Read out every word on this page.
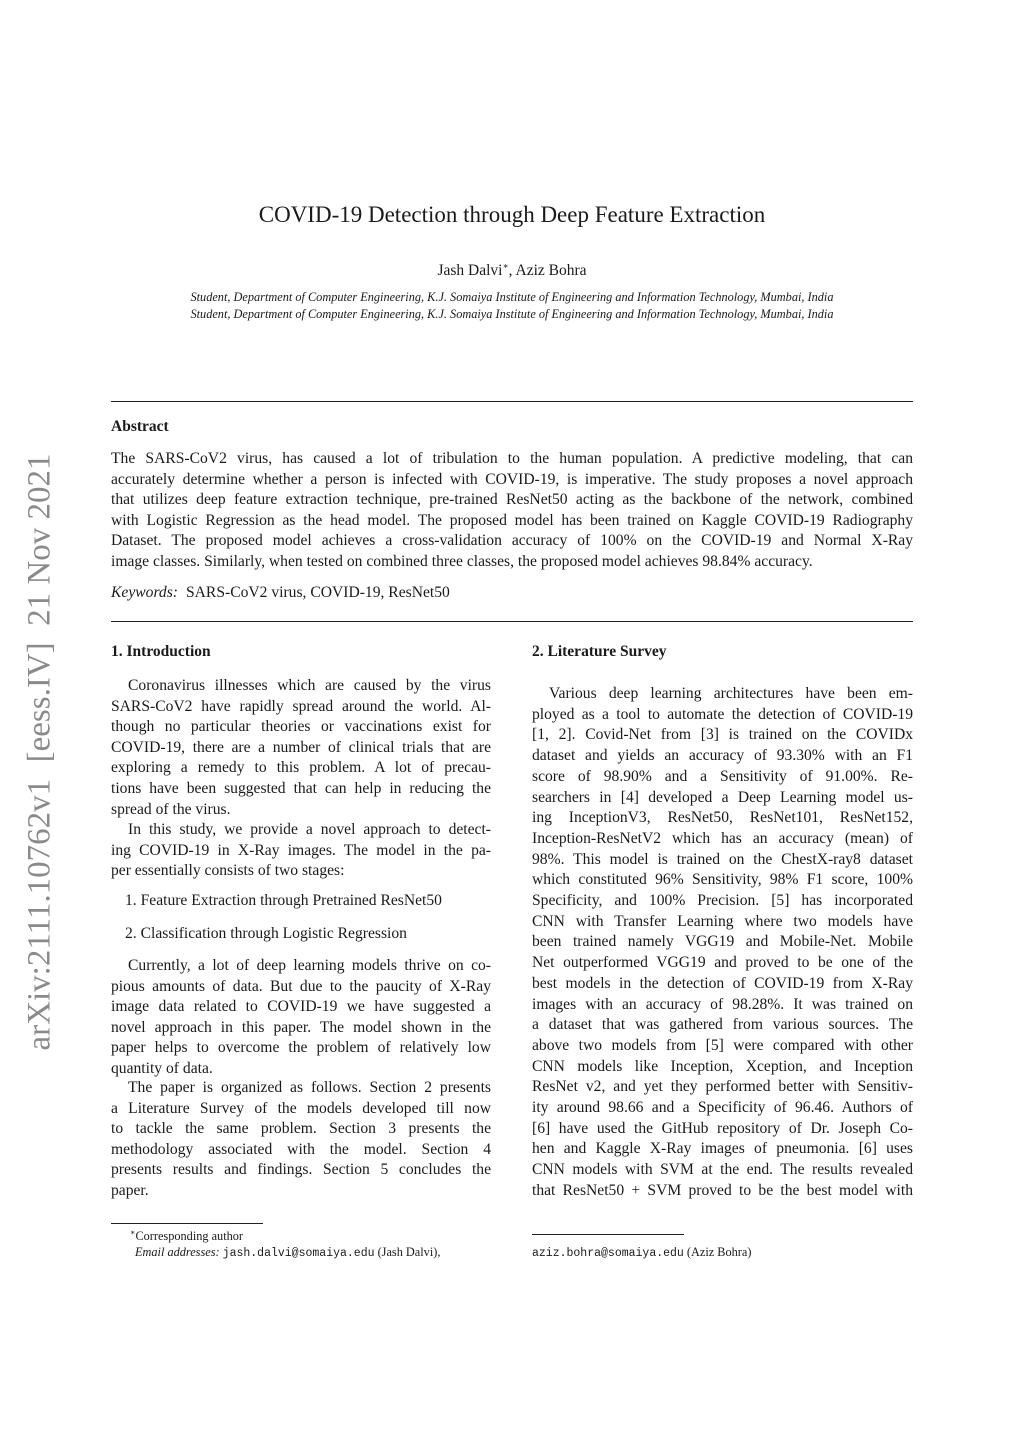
arXiv:2111.10762v1  [eess.IV]  21 Nov 2021
COVID-19 Detection through Deep Feature Extraction
Jash Dalvi∗, Aziz Bohra
Student, Department of Computer Engineering, K.J. Somaiya Institute of Engineering and Information Technology, Mumbai, India
Student, Department of Computer Engineering, K.J. Somaiya Institute of Engineering and Information Technology, Mumbai, India
Abstract
The SARS-CoV2 virus, has caused a lot of tribulation to the human population. A predictive modeling, that can
accurately determine whether a person is infected with COVID-19, is imperative. The study proposes a novel approach
that utilizes deep feature extraction technique, pre-trained ResNet50 acting as the backbone of the network, combined
with Logistic Regression as the head model. The proposed model has been trained on Kaggle COVID-19 Radiography
Dataset. The proposed model achieves a cross-validation accuracy of 100% on the COVID-19 and Normal X-Ray
image classes. Similarly, when tested on combined three classes, the proposed model achieves 98.84% accuracy.
Keywords: SARS-CoV2 virus, COVID-19, ResNet50
1. Introduction
Coronavirus illnesses which are caused by the virus
SARS-CoV2 have rapidly spread around the world. Al-
though no particular theories or vaccinations exist for
COVID-19, there are a number of clinical trials that are
exploring a remedy to this problem. A lot of precau-
tions have been suggested that can help in reducing the
spread of the virus.
In this study, we provide a novel approach to detect-
ing COVID-19 in X-Ray images. The model in the pa-
per essentially consists of two stages:
1. Feature Extraction through Pretrained ResNet50
2. Classification through Logistic Regression
Currently, a lot of deep learning models thrive on co-
pious amounts of data. But due to the paucity of X-Ray
image data related to COVID-19 we have suggested a
novel approach in this paper. The model shown in the
paper helps to overcome the problem of relatively low
quantity of data.
The paper is organized as follows. Section 2 presents
a Literature Survey of the models developed till now
to tackle the same problem. Section 3 presents the
methodology associated with the model. Section 4
presents results and findings. Section 5 concludes the
paper.
2. Literature Survey
Various deep learning architectures have been em-
ployed as a tool to automate the detection of COVID-19
[1, 2]. Covid-Net from [3] is trained on the COVIDx
dataset and yields an accuracy of 93.30% with an F1
score of 98.90% and a Sensitivity of 91.00%. Re-
searchers in [4] developed a Deep Learning model us-
ing InceptionV3, ResNet50, ResNet101, ResNet152,
Inception-ResNetV2 which has an accuracy (mean) of
98%. This model is trained on the ChestX-ray8 dataset
which constituted 96% Sensitivity, 98% F1 score, 100%
Specificity, and 100% Precision. [5] has incorporated
CNN with Transfer Learning where two models have
been trained namely VGG19 and Mobile-Net. Mobile
Net outperformed VGG19 and proved to be one of the
best models in the detection of COVID-19 from X-Ray
images with an accuracy of 98.28%. It was trained on
a dataset that was gathered from various sources. The
above two models from [5] were compared with other
CNN models like Inception, Xception, and Inception
ResNet v2, and yet they performed better with Sensitiv-
ity around 98.66 and a Specificity of 96.46. Authors of
[6] have used the GitHub repository of Dr. Joseph Co-
hen and Kaggle X-Ray images of pneumonia. [6] uses
CNN models with SVM at the end. The results revealed
that ResNet50 + SVM proved to be the best model with
∗Corresponding author
Email addresses: jash.dalvi@somaiya.edu (Jash Dalvi),	aziz.bohra@somaiya.edu (Aziz Bohra)
